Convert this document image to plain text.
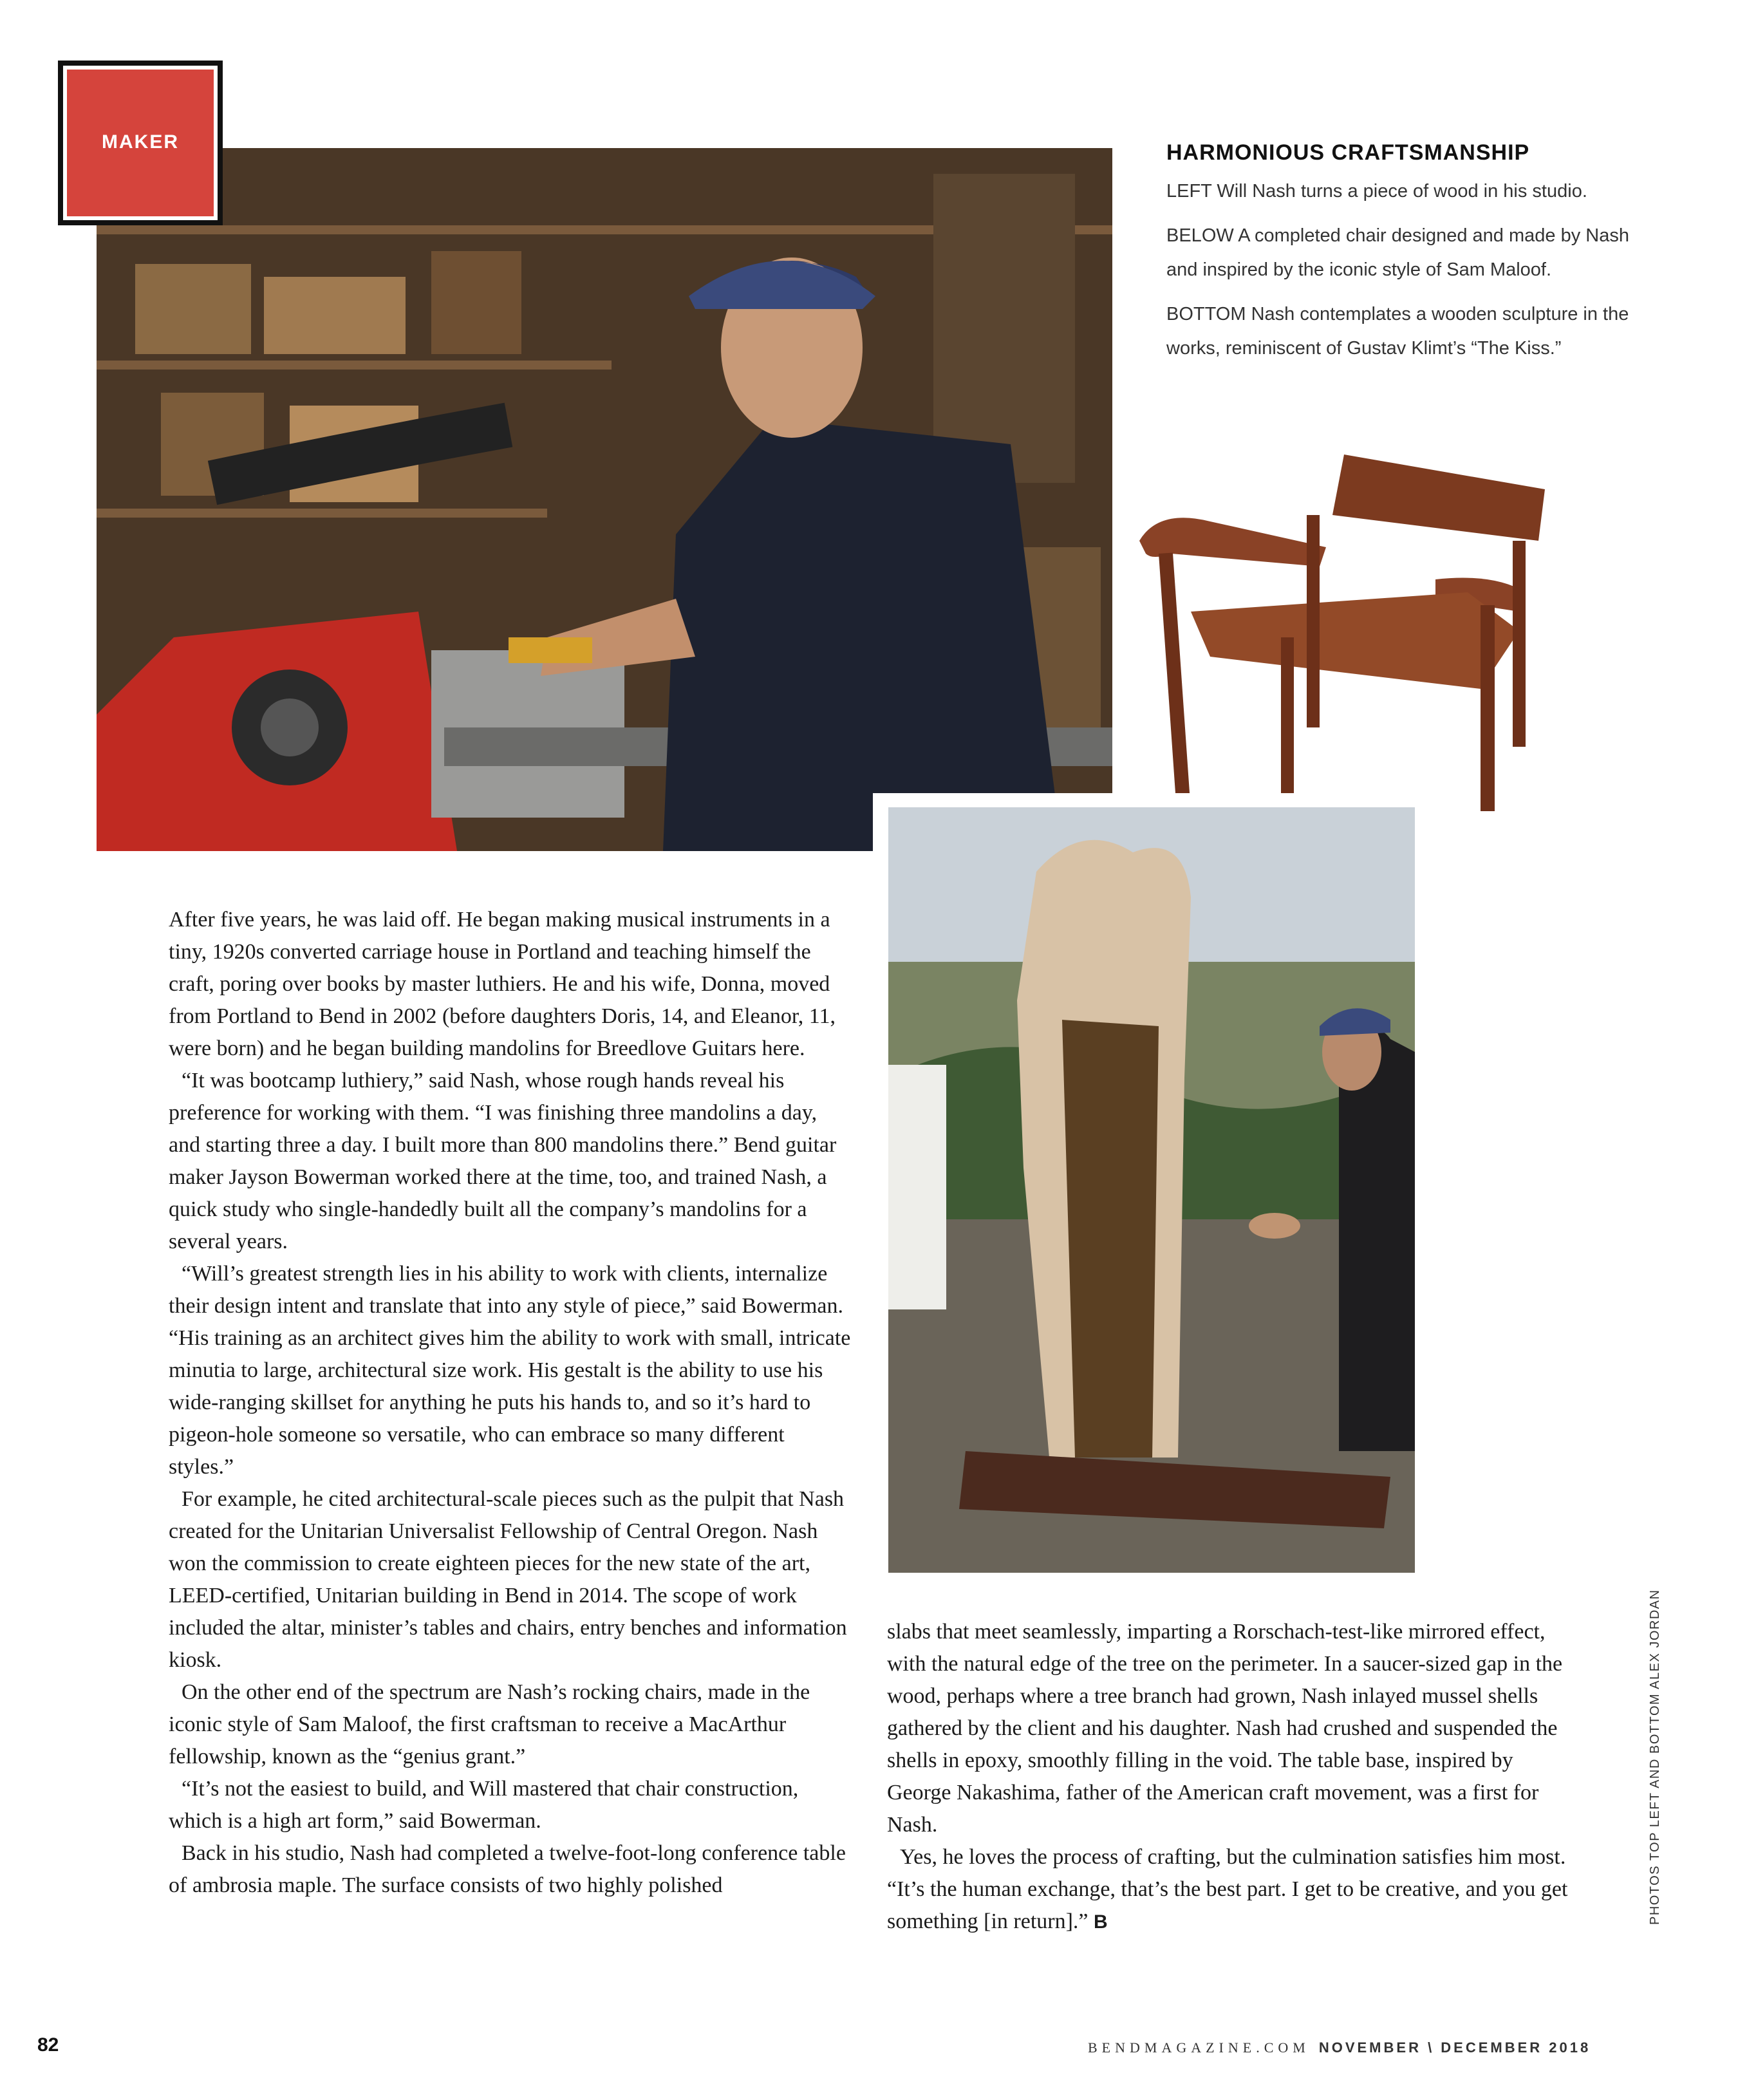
MAKER	HARMONIOUS CRAFTSMANSHIP

LEFT Will Nash turns a piece of wood in his studio.

BELOW A completed chair designed and made by Nash and inspired by the iconic style of Sam Maloof.

BOTTOM Nash contemplates a wooden sculpture in the works, reminiscent of Gustav Klimt’s “The Kiss.”

After five years, he was laid off. He began making musical instruments in a tiny, 1920s converted carriage house in Portland and teaching himself the craft, poring over books by master luthiers. He and his wife, Donna, moved from Portland to Bend in 2002 (before daughters Doris, 14, and Eleanor, 11, were born) and he began building mandolins for Breedlove Guitars here.

“It was bootcamp luthiery,” said Nash, whose rough hands reveal his preference for working with them. “I was finishing three mandolins a day, and starting three a day. I built more than 800 mandolins there.” Bend guitar maker Jayson Bowerman worked there at the time, too, and trained Nash, a quick study who single-handedly built all the company’s mandolins for a several years.

“Will’s greatest strength lies in his ability to work with clients, internalize their design intent and translate that into any style of piece,” said Bowerman. “His training as an architect gives him the ability to work with small, intricate minutia to large, architectural size work. His gestalt is the ability to use his wide-ranging skillset for anything he puts his hands to, and so it’s hard to pigeon-hole someone so versatile, who can embrace so many different styles.”

For example, he cited architectural-scale pieces such as the pulpit that Nash created for the Unitarian Universalist Fellowship of Central Oregon. Nash won the commission to create eighteen pieces for the new state of the art, LEED-certified, Unitarian building in Bend in 2014. The scope of work included the altar, minister’s tables and chairs, entry benches and information kiosk.

On the other end of the spectrum are Nash’s rocking chairs, made in the iconic style of Sam Maloof, the first craftsman to receive a MacArthur fellowship, known as the “genius grant.”

“It’s not the easiest to build, and Will mastered that chair construction, which is a high art form,” said Bowerman.

Back in his studio, Nash had completed a twelve-foot-long conference table of ambrosia maple. The surface consists of two highly polished

slabs that meet seamlessly, imparting a Rorschach-test-like mirrored effect, with the natural edge of the tree on the perimeter. In a saucer-sized gap in the wood, perhaps where a tree branch had grown, Nash inlayed mussel shells gathered by the client and his daughter. Nash had crushed and suspended the shells in epoxy, smoothly filling in the void. The table base, inspired by George Nakashima, father of the American craft movement, was a first for Nash.

Yes, he loves the process of crafting, but the culmination satisfies him most. “It’s the human exchange, that’s the best part. I get to be creative, and you get something [in return].” B	PHOTOS TOP LEFT AND BOTTOM ALEX JORDAN
82	BENDMAGAZINE.COM NOVEMBER \ DECEMBER 2018
